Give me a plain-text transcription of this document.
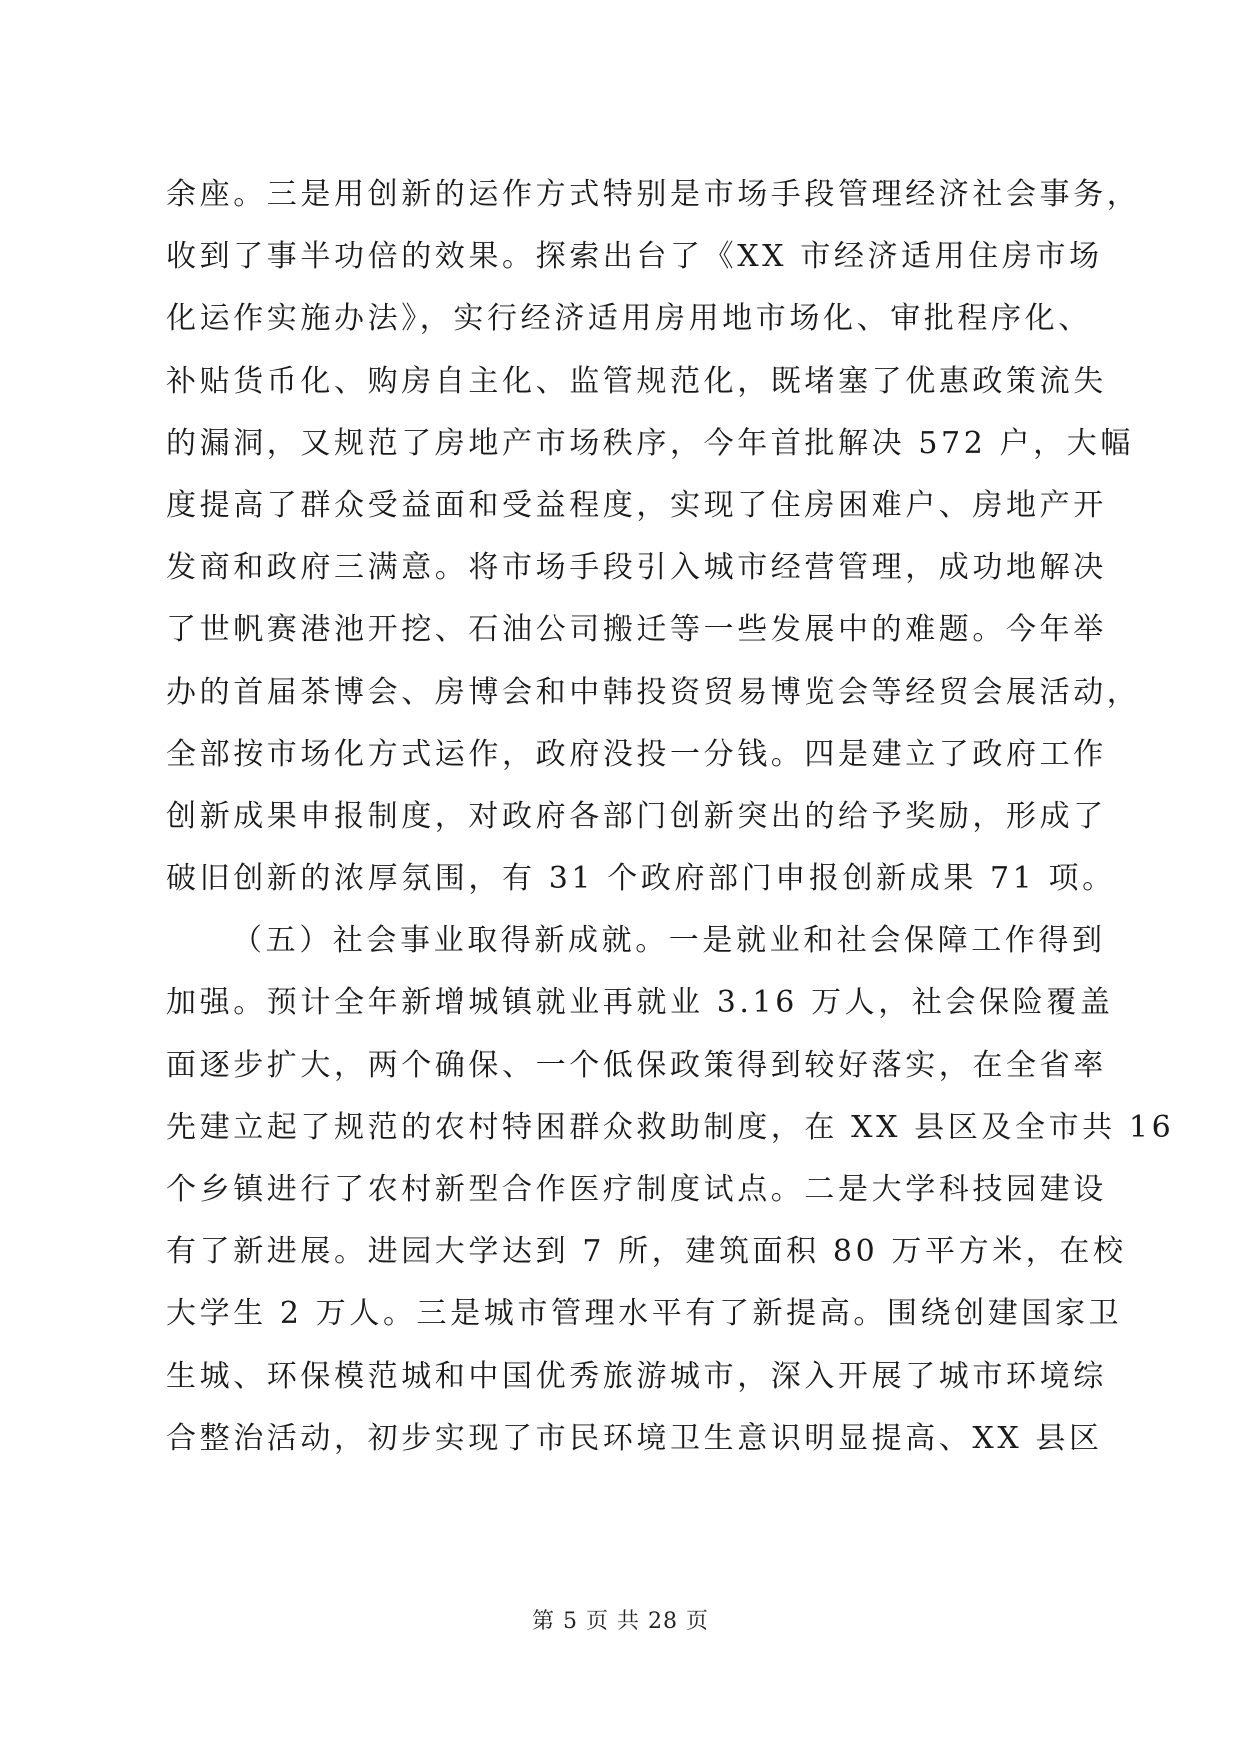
余座。三是用创新的运作方式特别是市场手段管理经济社会事务，
收到了事半功倍的效果。探索出台了《XX 市经济适用住房市场
化运作实施办法》，实行经济适用房用地市场化、审批程序化、
补贴货币化、购房自主化、监管规范化，既堵塞了优惠政策流失
的漏洞，又规范了房地产市场秩序，今年首批解决 572 户，大幅
度提高了群众受益面和受益程度，实现了住房困难户、房地产开
发商和政府三满意。将市场手段引入城市经营管理，成功地解决
了世帆赛港池开挖、石油公司搬迁等一些发展中的难题。今年举
办的首届茶博会、房博会和中韩投资贸易博览会等经贸会展活动，
全部按市场化方式运作，政府没投一分钱。四是建立了政府工作
创新成果申报制度，对政府各部门创新突出的给予奖励，形成了
破旧创新的浓厚氛围，有 31 个政府部门申报创新成果 71 项。
（五）社会事业取得新成就。一是就业和社会保障工作得到
加强。预计全年新增城镇就业再就业 3.16 万人，社会保险覆盖
面逐步扩大，两个确保、一个低保政策得到较好落实，在全省率
先建立起了规范的农村特困群众救助制度，在 XX 县区及全市共 16
个乡镇进行了农村新型合作医疗制度试点。二是大学科技园建设
有了新进展。进园大学达到 7 所，建筑面积 80 万平方米，在校
大学生 2 万人。三是城市管理水平有了新提高。围绕创建国家卫
生城、环保模范城和中国优秀旅游城市，深入开展了城市环境综
合整治活动，初步实现了市民环境卫生意识明显提高、XX 县区
第 5 页 共 28 页
